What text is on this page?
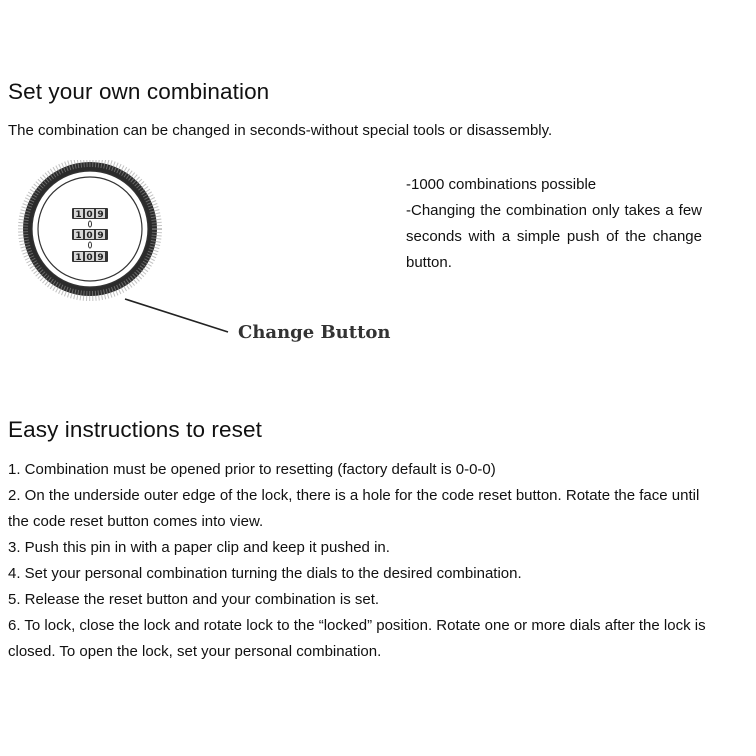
Set your own combination
The combination can be changed in seconds-without special tools or disassembly.
1 0 9
1 0 9
1 0 9
Change Button

-1000 combinations possible

-Changing the combination only takes a few seconds with a simple push of the change button.

Easy instructions to reset
1. Combination must be opened prior to resetting (factory default is 0-0-0)
2. On the underside outer edge of the lock, there is a hole for the code reset button. Rotate the face until the code reset button comes into view.
3. Push this pin in with a paper clip and keep it pushed in.
4. Set your personal combination turning the dials to the desired combination.
5. Release the reset button and your combination is set.
6. To lock, close the lock and rotate lock to the “locked” position. Rotate one or more dials after the lock is closed. To open the lock, set your personal combination.
